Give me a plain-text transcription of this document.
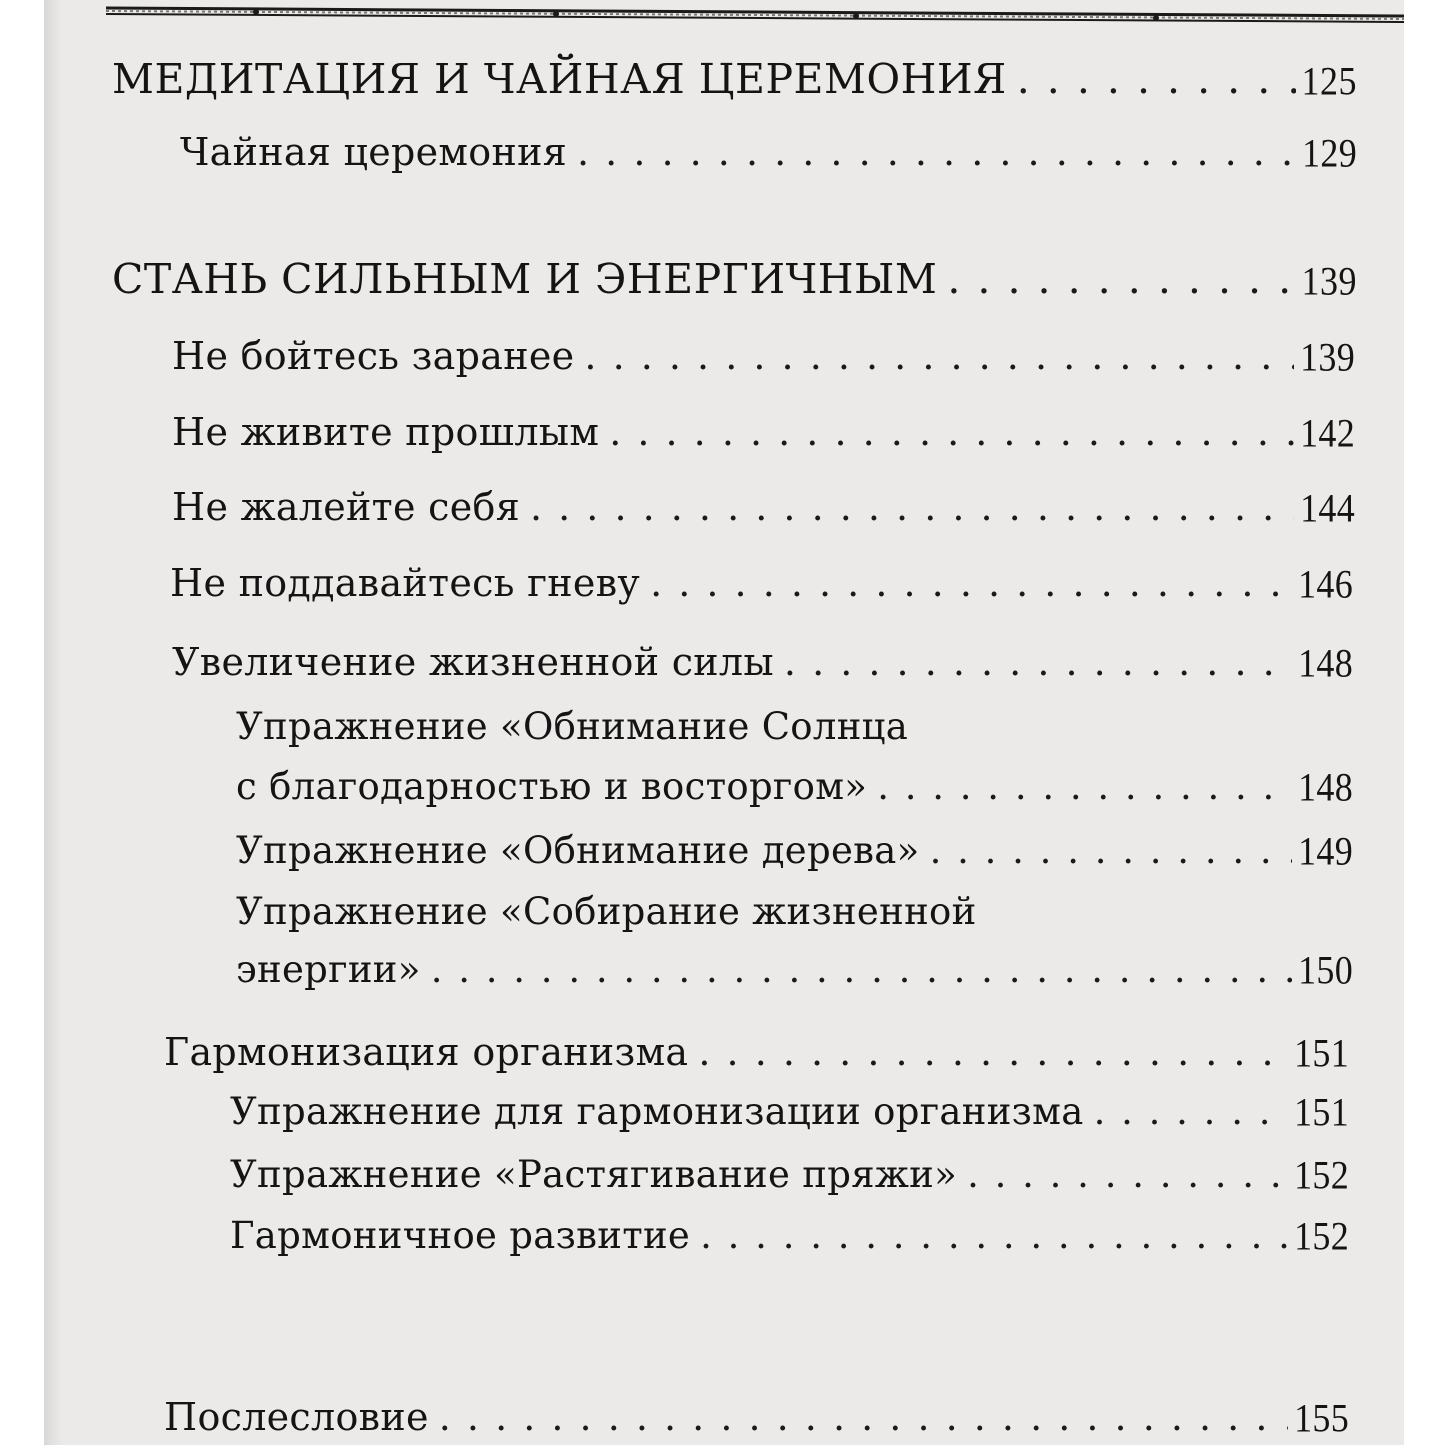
МЕДИТАЦИЯ И ЧАЙНАЯ ЦЕРЕМОНИЯ . . .	125
Чайная церемония . . .	129
СТАНЬ СИЛЬНЫМ И ЭНЕРГИЧНЫМ . . .	139
Не бойтесь заранее . . .	139
Не живите прошлым . . .	142
Не жалейте себя . . .	144
Не поддавайтесь гневу . . .	146
Увеличение жизненной силы . . .	148
Упражнение «Обнимание Солнца
с благодарностью и восторгом» . . .	148
Упражнение «Обнимание дерева» . . .	149
Упражнение «Собирание жизненной
энергии» . . .	150
Гармонизация организма . . .	151
Упражнение для гармонизации организма . . .	151
Упражнение «Растягивание пряжи» . . .	152
Гармоничное развитие . . .	152
Послесловие . . .	155
